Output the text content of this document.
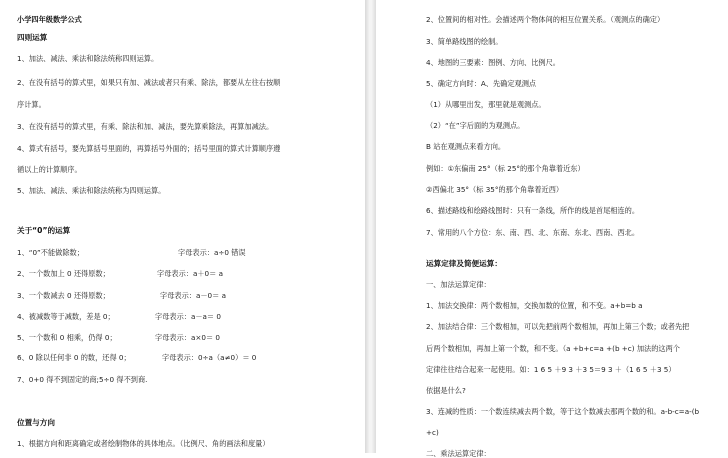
小学四年级数学公式
四则运算
1、加法、减法、乘法和除法统称四则运算。
2、在没有括号的算式里，如果只有加、减法或者只有乘、除法，都要从左往右按顺
序计算。
3、在没有括号的算式里，有乘、除法和加、减法，要先算乘除法，再算加减法。
4、算式有括号，要先算括号里面的，再算括号外面的；括号里面的算式计算顺序遵
循以上的计算顺序。
5、加法、减法、乘法和除法统称为四则运算。
关于“0”的运算
1、“0”不能做除数；	字母表示：a÷0 错误
2、一个数加上 0 还得原数；	字母表示：a＋0＝ a
3、一个数减去 0 还得原数；	字母表示：a－0＝ a
4、被减数等于减数，差是 0；	字母表示：a－a＝ 0
5、一个数和 0 相乘，仍得 0；	字母表示：a×0＝ 0
6、0 除以任何非 0 的数，还得 0；	字母表示：0÷a（a≠0）＝ 0
7、0+0 得不到固定的商;5÷0 得不到商.
位置与方向
1、根据方向和距离确定或者绘制物体的具体地点。（比例尺、角的画法和度量）
2、位置间的相对性。会描述两个物体间的相互位置关系。（观测点的确定）
3、简单路线图的绘制。
4、地图的三要素：图例、方向、比例尺。
5、确定方向时：A、先确定观测点
（1）从哪里出发，那里就是观测点。
（2）“在”字后面的为观测点。
B 站在观测点来看方向。
例如：①东偏南 25°（标 25°的那个角靠着近东）
②西偏北 35°（标 35°的那个角靠着近西）
6、描述路线和绘路线图时：只有一条线，所作的线是首尾相连的。
7、常用的八个方位：东、南、西、北、东南、东北、西南、西北。
运算定律及简便运算：
一、加法运算定律：
1、加法交换律：两个数相加，交换加数的位置，和不变。a+b=b a
2、加法结合律：三个数相加，可以先把前两个数相加，再加上第三个数；或者先把
后两个数相加，再加上第一个数，和不变。（a +b+c=a +(b +c) 加法的这两个
定律往往结合起来一起使用。如：1 6 5 ＋9 3 ＋3 5＝9 3 ＋（1 6 5 ＋3 5）
依据是什么?
3、连减的性质：一个数连续减去两个数，等于这个数减去那两个数的和。a-b-c=a-(b
+c)
二、乘法运算定律：
